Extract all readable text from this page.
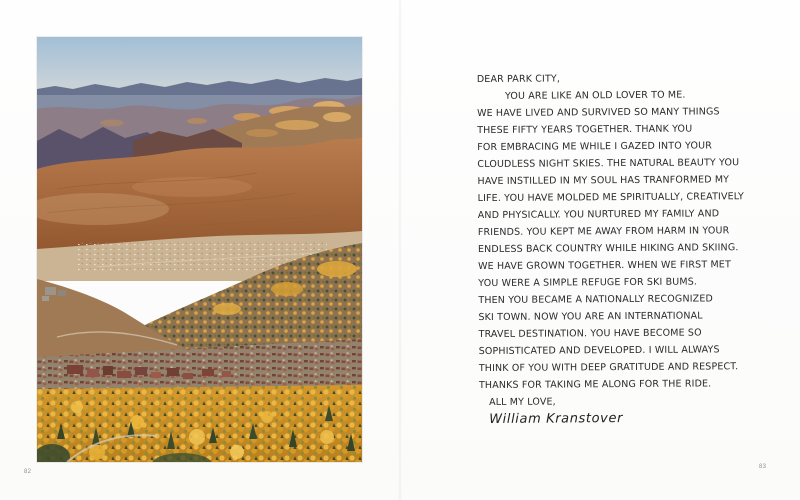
82
DEAR PARK CITY,
YOU ARE LIKE AN OLD LOVER TO ME.
WE HAVE LIVED AND SURVIVED SO MANY THINGS
THESE FIFTY YEARS TOGETHER. THANK YOU
FOR EMBRACING ME WHILE I GAZED INTO YOUR
CLOUDLESS NIGHT SKIES. THE NATURAL BEAUTY YOU
HAVE INSTILLED IN MY SOUL HAS TRANFORMED MY
LIFE. YOU HAVE MOLDED ME SPIRITUALLY, CREATIVELY
AND PHYSICALLY. YOU NURTURED MY FAMILY AND
FRIENDS. YOU KEPT ME AWAY FROM HARM IN YOUR
ENDLESS BACK COUNTRY WHILE HIKING AND SKIING.
WE HAVE GROWN TOGETHER. WHEN WE FIRST MET
YOU WERE A SIMPLE REFUGE FOR SKI BUMS.
THEN YOU BECAME A NATIONALLY RECOGNIZED
SKI TOWN. NOW YOU ARE AN INTERNATIONAL
TRAVEL DESTINATION. YOU HAVE BECOME SO
SOPHISTICATED AND DEVELOPED. I WILL ALWAYS
THINK OF YOU WITH DEEP GRATITUDE AND RESPECT.
THANKS FOR TAKING ME ALONG FOR THE RIDE.
ALL MY LOVE,
William Kranstover
83
